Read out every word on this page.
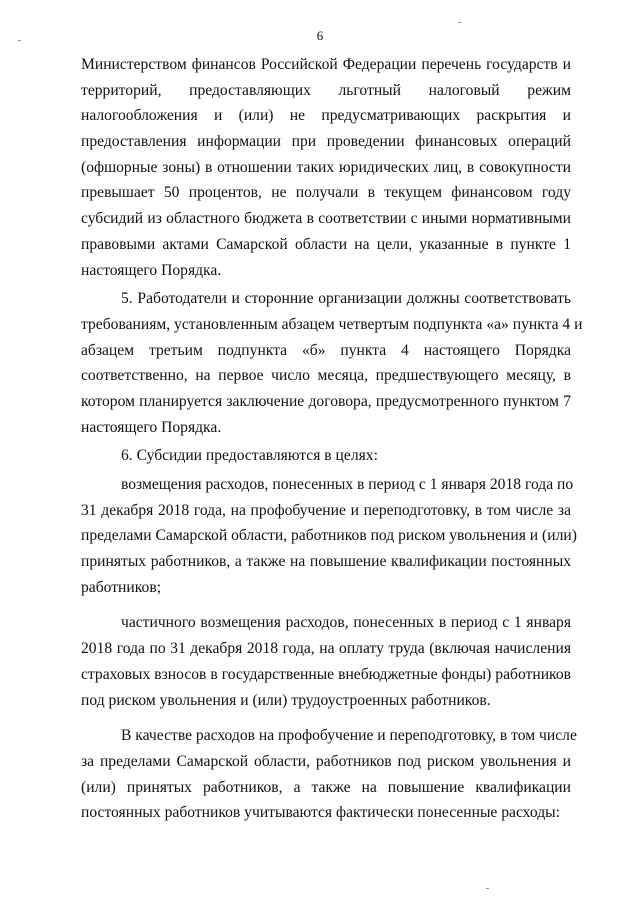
6
Министерством финансов Российской Федерации перечень государств и
территорий, предоставляющих льготный налоговый режим
налогообложения и (или) не предусматривающих раскрытия и
предоставления информации при проведении финансовых операций
(офшорные зоны) в отношении таких юридических лиц, в совокупности
превышает 50 процентов, не получали в текущем финансовом году
субсидий из областного бюджета в соответствии с иными нормативными
правовыми актами Самарской области на цели, указанные в пункте 1
настоящего Порядка.
5. Работодатели и сторонние организации должны соответствовать
требованиям, установленным абзацем четвертым подпункта «а» пункта 4 и
абзацем третьим подпункта «б» пункта 4 настоящего Порядка
соответственно, на первое число месяца, предшествующего месяцу, в
котором планируется заключение договора, предусмотренного пунктом 7
настоящего Порядка.
6. Субсидии предоставляются в целях:
возмещения расходов, понесенных в период с 1 января 2018 года по
31 декабря 2018 года, на профобучение и переподготовку, в том числе за
пределами Самарской области, работников под риском увольнения и (или)
принятых работников, а также на повышение квалификации постоянных
работников;
частичного возмещения расходов, понесенных в период с 1 января
2018 года по 31 декабря 2018 года, на оплату труда (включая начисления
страховых взносов в государственные внебюджетные фонды) работников
под риском увольнения и (или) трудоустроенных работников.
В качестве расходов на профобучение и переподготовку, в том числе
за пределами Самарской области, работников под риском увольнения и
(или) принятых работников, а также на повышение квалификации
постоянных работников учитываются фактически понесенные расходы:
